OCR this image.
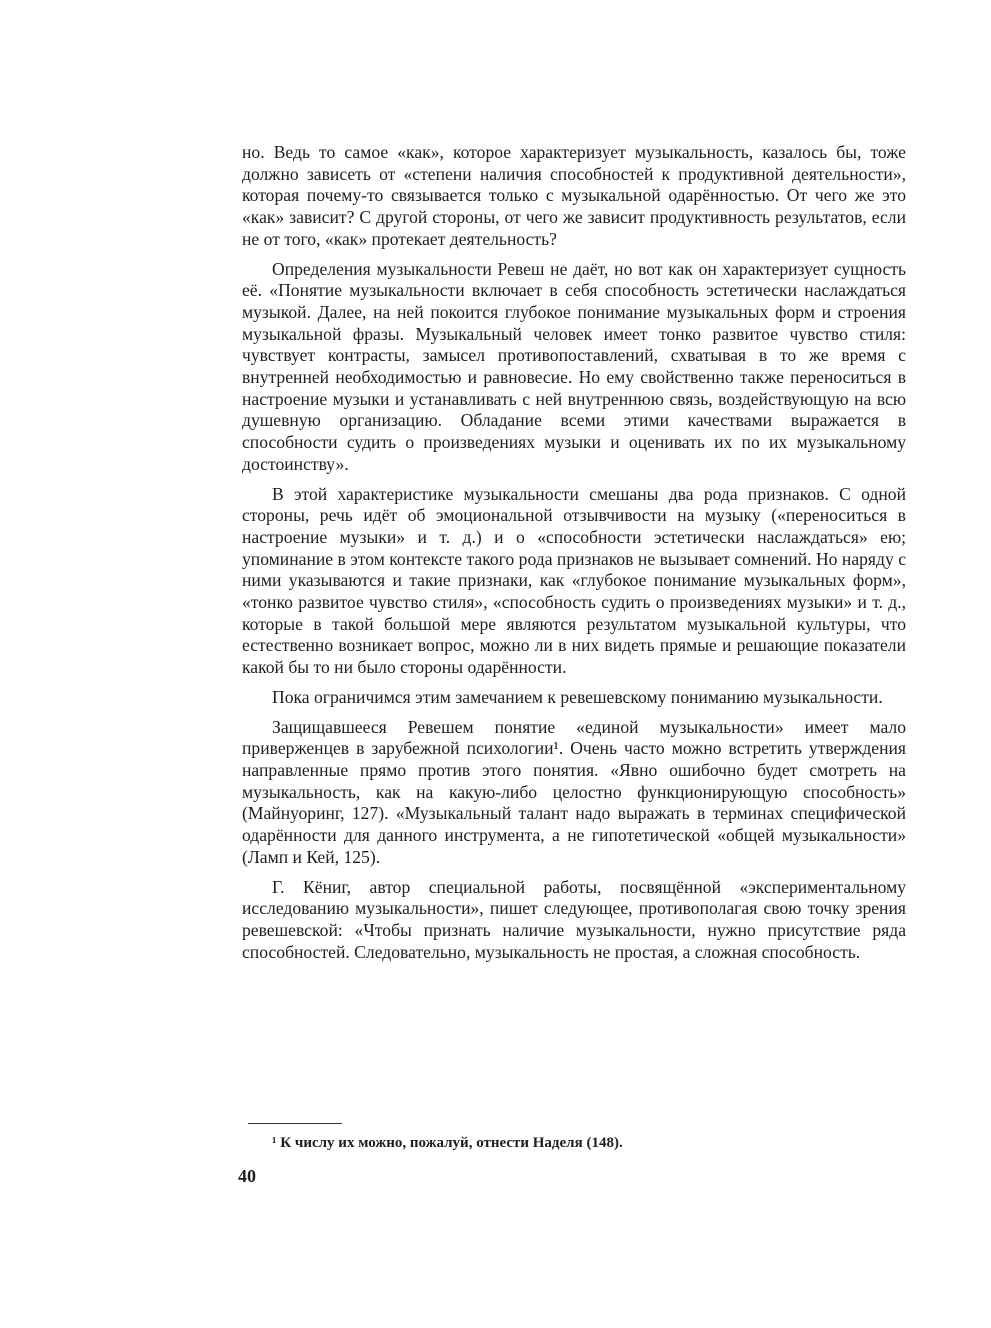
но. Ведь то самое «как», которое характеризует музыкальность, казалось бы, тоже должно зависеть от «степени наличия способностей к продуктивной деятельности», которая почему-то связывается только с музыкальной одарённостью. От чего же это «как» зависит? С другой стороны, от чего же зависит продуктивность результатов, если не от того, «как» протекает деятельность?

Определения музыкальности Ревеш не даёт, но вот как он характеризует сущность её. «Понятие музыкальности включает в себя способность эстетически наслаждаться музыкой. Далее, на ней покоится глубокое понимание музыкальных форм и строения музыкальной фразы. Музыкальный человек имеет тонко развитое чувство стиля: чувствует контрасты, замысел противопоставлений, схватывая в то же время с внутренней необходимостью и равновесие. Но ему свойственно также переноситься в настроение музыки и устанавливать с ней внутреннюю связь, воздействующую на всю душевную организацию. Обладание всеми этими качествами выражается в способности судить о произведениях музыки и оценивать их по их музыкальному достоинству».

В этой характеристике музыкальности смешаны два рода признаков. С одной стороны, речь идёт об эмоциональной отзывчивости на музыку («переноситься в настроение музыки» и т. д.) и о «способности эстетически наслаждаться» ею; упоминание в этом контексте такого рода признаков не вызывает сомнений. Но наряду с ними указываются и такие признаки, как «глубокое понимание музыкальных форм», «тонко развитое чувство стиля», «способность судить о произведениях музыки» и т. д., которые в такой большой мере являются результатом музыкальной культуры, что естественно возникает вопрос, можно ли в них видеть прямые и решающие показатели какой бы то ни было стороны одарённости.

Пока ограничимся этим замечанием к ревешевскому пониманию музыкальности.

Защищавшееся Ревешем понятие «единой музыкальности» имеет мало приверженцев в зарубежной психологии¹. Очень часто можно встретить утверждения направленные прямо против этого понятия. «Явно ошибочно будет смотреть на музыкальность, как на какую-либо целостно функционирующую способность» (Майнуоринг, 127). «Музыкальный талант надо выражать в терминах специфической одарённости для данного инструмента, а не гипотетической «общей музыкальности» (Ламп и Кей, 125).

Г. Кёниг, автор специальной работы, посвящённой «экспериментальному исследованию музыкальности», пишет следующее, противополагая свою точку зрения ревешевской: «Чтобы признать наличие музыкальности, нужно присутствие ряда способностей. Следовательно, музыкальность не простая, а сложная способность.

¹ К числу их можно, пожалуй, отнести Наделя (148).
40
